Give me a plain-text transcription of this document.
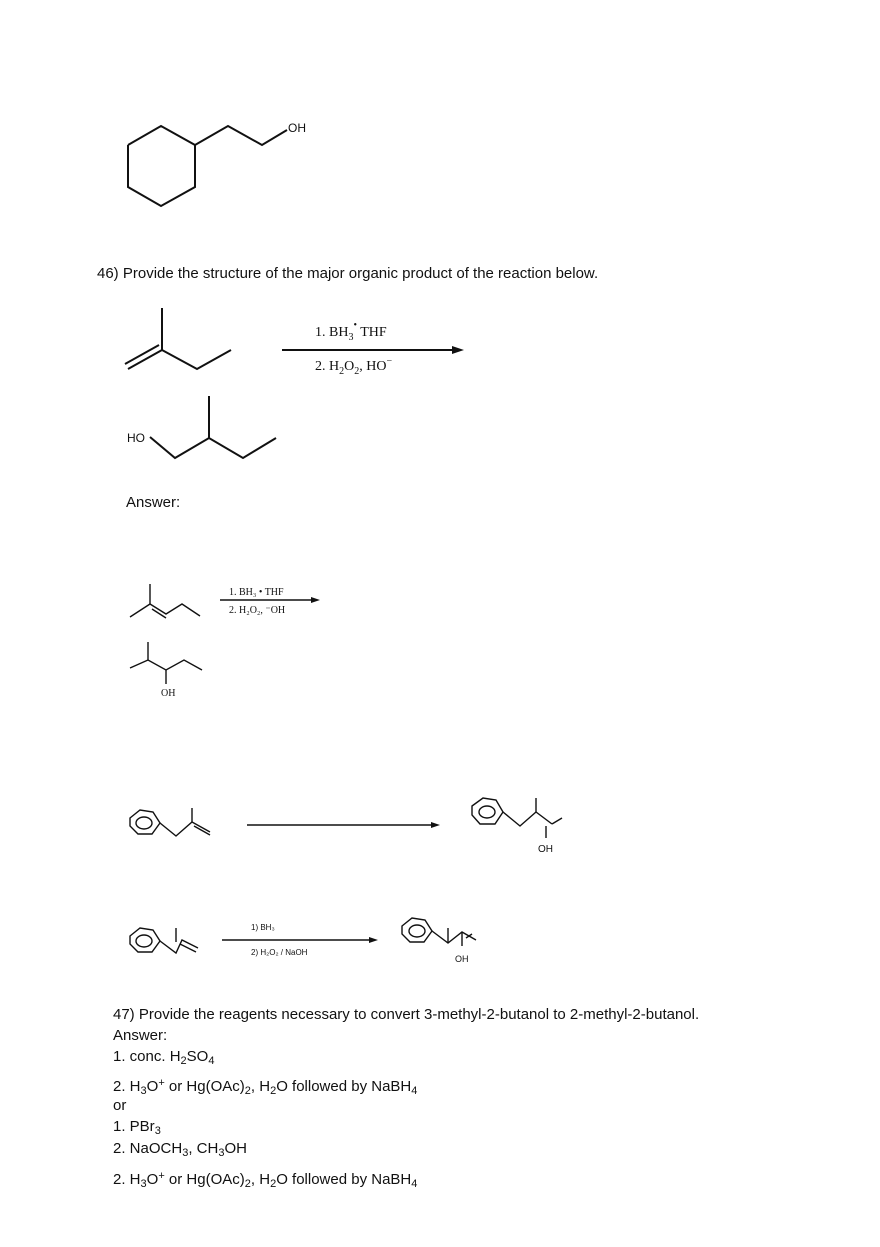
OH
46) Provide the structure of the major organic product of the reaction below.
1. $BH_3^•$ THF
2. $H_2O_2$, HO−
HO
Answer:
1. BH₃ • THF
2. H₂O₂, ⁻OH
OH
OH
1) BH₃
2) H₂O₂ / NaOH
OH
47) Provide the reagents necessary to convert 3-methyl-2-butanol to 2-methyl-2-butanol.
Answer:
1. conc. $H_2SO_4$
2. $H_3O^+$ or $Hg(OAc)_2$, $H_2O$ followed by NaBH$_4$
or
1. PBr$_3$
2. NaOCH$_3$, $CH_3OH$
2. $H_3O^+$ or $Hg(OAc)_2$, $H_2O$ followed by NaBH$_4$
